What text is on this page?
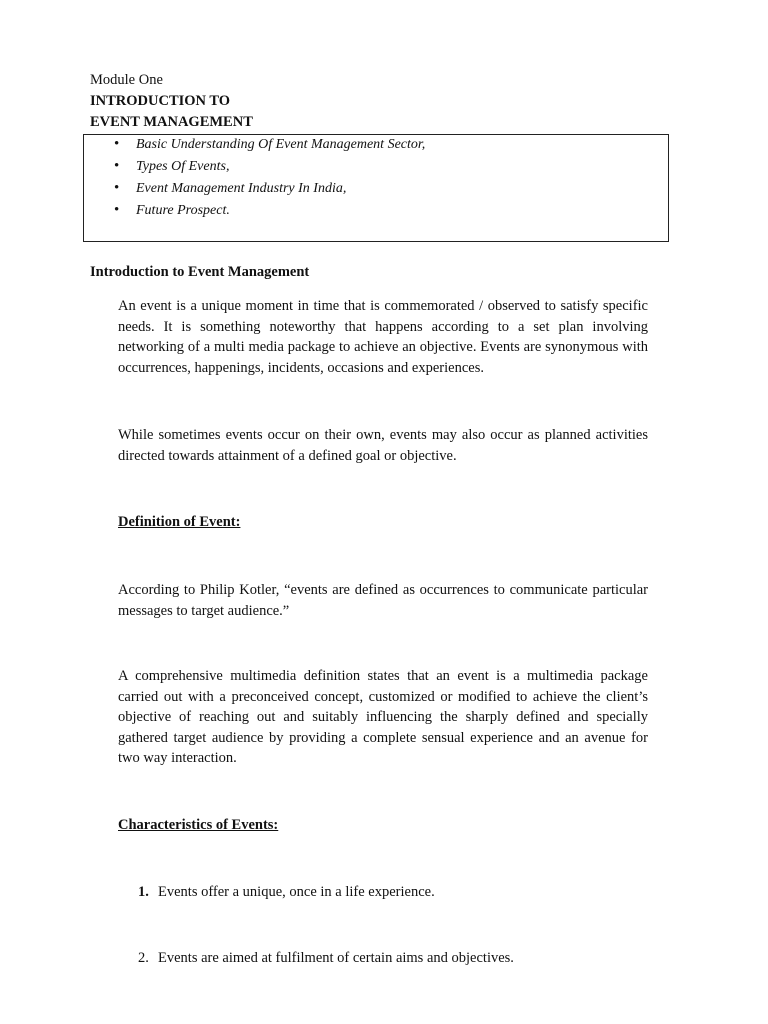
Module One
INTRODUCTION TO
EVENT MANAGEMENT
• Basic Understanding Of Event Management Sector,
• Types Of Events,
• Event Management Industry In India,
• Future Prospect.
Introduction to Event Management

An event is a unique moment in time that is commemorated / observed to satisfy specific needs. It is something noteworthy that happens according to a set plan involving networking of a multi media package to achieve an objective. Events are synonymous with occurrences, happenings, incidents, occasions and experiences.

While sometimes events occur on their own, events may also occur as planned activities directed towards attainment of a defined goal or objective.

Definition of Event:

According to Philip Kotler, “events are defined as occurrences to communicate particular messages to target audience.”

A comprehensive multimedia definition states that an event is a multimedia package carried out with a preconceived concept, customized or modified to achieve the client’s objective of reaching out and suitably influencing the sharply defined and specially gathered target audience by providing a complete sensual experience and an avenue for two way interaction.

Characteristics of Events:
1. Events offer a unique, once in a life experience.
2. Events are aimed at fulfilment of certain aims and objectives.
